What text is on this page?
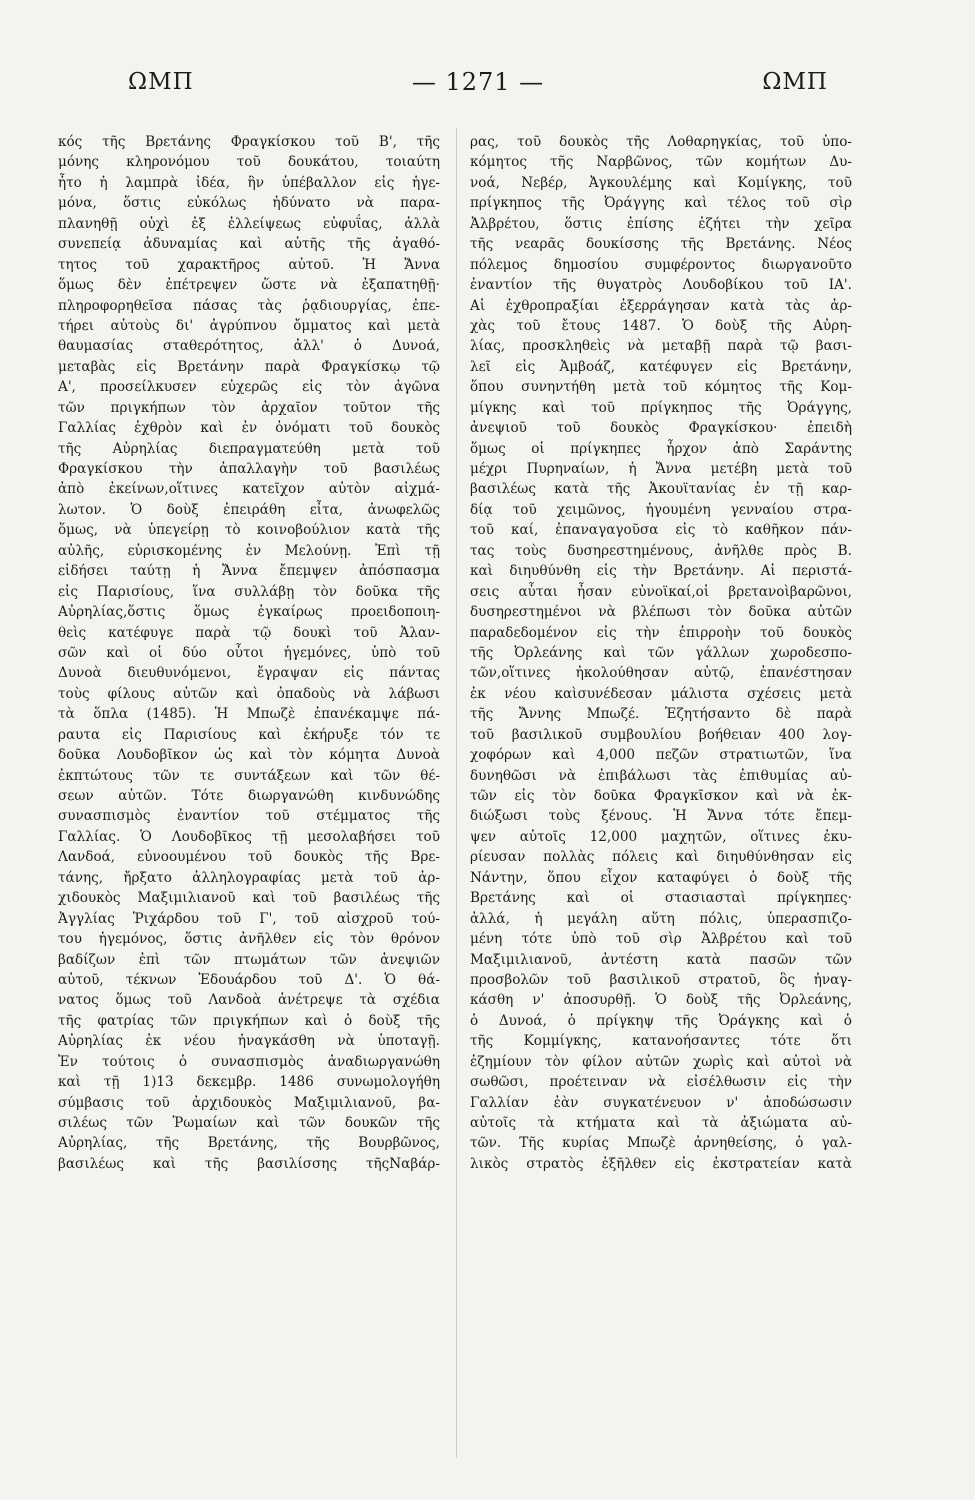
ΩΜΠ	— 1271 —	ΩΜΠ
κός τῆς Βρετάνης Φραγκίσκου τοῦ Β', τῆς
μόνης κληρονόμου τοῦ δουκάτου, τοιαύτη
ἦτο ἡ λαμπρὰ ἰδέα, ἣν ὑπέβαλλον εἰς ἡγε-
μόνα, ὅστις εὐκόλως ἠδύνατο νὰ παρα-
πλανηθῇ οὐχὶ ἐξ ἐλλείψεως εὐφυΐας, ἀλλὰ
συνεπείᾳ ἀδυναμίας καὶ αὐτῆς τῆς ἀγαθό-
τητος τοῦ χαρακτῆρος αὐτοῦ. Ἡ Ἄννα
ὅμως δὲν ἐπέτρεψεν ὥστε νὰ ἐξαπατηθῇ·
πληροφορηθεῖσα πάσας τὰς ῥᾳδιουργίας, ἐπε-
τήρει αὐτοὺς δι' ἀγρύπνου ὄμματος καὶ μετὰ
θαυμασίας σταθερότητος, ἀλλ' ὁ Δυνοά,
μεταβὰς εἰς Βρετάνην παρὰ Φραγκίσκῳ τῷ
Α', προσείλκυσεν εὐχερῶς εἰς τὸν ἀγῶνα
τῶν πριγκήπων τὸν ἀρχαῖον τοῦτον τῆς
Γαλλίας ἐχθρὸν καὶ ἐν ὀνόματι τοῦ δουκὸς
τῆς Αὐρηλίας διεπραγματεύθη μετὰ τοῦ
Φραγκίσκου τὴν ἀπαλλαγὴν τοῦ βασιλέως
ἀπὸ ἐκείνων,οἵτινες κατεῖχον αὐτὸν αἰχμά-
λωτον. Ὁ δοὺξ ἐπειράθη εἶτα, ἀνωφελῶς
ὅμως, νὰ ὑπεγείρῃ τὸ κοινοβούλιον κατὰ τῆς
αὐλῆς, εὑρισκομένης ἐν Μελούνῃ. Ἐπὶ τῇ
εἰδήσει ταύτῃ ἡ Ἄννα ἔπεμψεν ἀπόσπασμα
εἰς Παρισίους, ἵνα συλλάβῃ τὸν δοῦκα τῆς
Αὐρηλίας,ὅστις ὅμως ἐγκαίρως προειδοποιη-
θεὶς κατέφυγε παρὰ τῷ δουκὶ τοῦ Ἀλαν-
σῶν καὶ οἱ δύο οὗτοι ἡγεμόνες, ὑπὸ τοῦ
Δυνοὰ διευθυνόμενοι, ἔγραψαν εἰς πάντας
τοὺς φίλους αὐτῶν καὶ ὀπαδοὺς νὰ λάβωσι
τὰ ὅπλα (1485). Ἡ Μπωζὲ ἐπανέκαμψε πά-
ραυτα εἰς Παρισίους καὶ ἐκήρυξε τόν τε
δοῦκα Λουδοβῖκον ὡς καὶ τὸν κόμητα Δυνοὰ
ἐκπτώτους τῶν τε συντάξεων καὶ τῶν θέ-
σεων αὐτῶν. Τότε διωργανώθη κινδυνώδης
συνασπισμὸς ἐναντίον τοῦ στέμματος τῆς
Γαλλίας. Ὁ Λουδοβῖκος τῇ μεσολαβήσει τοῦ
Λανδοά, εὐνοουμένου τοῦ δουκὸς τῆς Βρε-
τάνης, ἤρξατο ἀλληλογραφίας μετὰ τοῦ ἀρ-
χιδουκὸς Μαξιμιλιανοῦ καὶ τοῦ βασιλέως τῆς
Ἀγγλίας Ῥιχάρδου τοῦ Γ', τοῦ αἰσχροῦ τού-
του ἡγεμόνος, ὅστις ἀνῆλθεν εἰς τὸν θρόνον
βαδίζων ἐπὶ τῶν πτωμάτων τῶν ἀνεψιῶν
αὐτοῦ, τέκνων Ἐδουάρδου τοῦ Δ'. Ὁ θά-
νατος ὅμως τοῦ Λανδοὰ ἀνέτρεψε τὰ σχέδια
τῆς φατρίας τῶν πριγκήπων καὶ ὁ δοὺξ τῆς
Αὐρηλίας ἐκ νέου ἠναγκάσθη νὰ ὑποταγῇ.
Ἐν τούτοις ὁ συνασπισμὸς ἀναδιωργανώθη
καὶ τῇ 1)13 δεκεμβρ. 1486 συνωμολογήθη
σύμβασις τοῦ ἀρχιδουκὸς Μαξιμιλιανοῦ, βα-
σιλέως τῶν Ῥωμαίων καὶ τῶν δουκῶν τῆς
Αὐρηλίας, τῆς Βρετάνης, τῆς Βουρβῶνος,
βασιλέως καὶ τῆς βασιλίσσης τῆςΝαβάρ-
ρας, τοῦ δουκὸς τῆς Λοθαρηγκίας, τοῦ ὑπο-
κόμητος τῆς Ναρβῶνος, τῶν κομήτων Δυ-
νοά, Νεβέρ, Ἀγκουλέμης καὶ Κομίγκης, τοῦ
πρίγκηπος τῆς Ὀράγγης καὶ τέλος τοῦ σὶρ
Ἀλβρέτου, ὅστις ἐπίσης ἐζήτει τὴν χεῖρα
τῆς νεαρᾶς δουκίσσης τῆς Βρετάνης. Νέος
πόλεμος δημοσίου συμφέροντος διωργανοῦτο
ἐναντίον τῆς θυγατρὸς Λουδοβίκου τοῦ ΙΑ'.
Αἱ ἐχθροπραξίαι ἐξερράγησαν κατὰ τὰς ἀρ-
χὰς τοῦ ἔτους 1487. Ὁ δοὺξ τῆς Αὐρη-
λίας, προσκληθεὶς νὰ μεταβῇ παρὰ τῷ βασι-
λεῖ εἰς Ἀμβοάζ, κατέφυγεν εἰς Βρετάνην,
ὅπου συνηντήθη μετὰ τοῦ κόμητος τῆς Κομ-
μίγκης καὶ τοῦ πρίγκηπος τῆς Ὀράγγης,
ἀνεψιοῦ τοῦ δουκὸς Φραγκίσκου· ἐπειδὴ
ὅμως οἱ πρίγκηπες ἦρχον ἀπὸ Σαράντης
μέχρι Πυρηναίων, ἡ Ἄννα μετέβη μετὰ τοῦ
βασιλέως κατὰ τῆς Ἀκουϊτανίας ἐν τῇ καρ-
δίᾳ τοῦ χειμῶνος, ἡγουμένη γενναίου στρα-
τοῦ καί, ἐπαναγαγοῦσα εἰς τὸ καθῆκον πάν-
τας τοὺς δυσηρεστημένους, ἀνῆλθε πρὸς Β.
καὶ διηυθύνθη εἰς τὴν Βρετάνην. Αἱ περιστά-
σεις αὗται ἦσαν εὐνοϊκαί,οἱ βρετανοὶβαρῶνοι,
δυσηρεστημένοι νὰ βλέπωσι τὸν δοῦκα αὐτῶν
παραδεδομένον εἰς τὴν ἐπιρροὴν τοῦ δουκὸς
τῆς Ὀρλεάνης καὶ τῶν γάλλων χωροδεσπο-
τῶν,οἵτινες ἠκολούθησαν αὐτῷ, ἐπανέστησαν
ἐκ νέου καὶσυνέδεσαν μάλιστα σχέσεις μετὰ
τῆς Ἄννης Μπωζέ. Ἐζητήσαντο δὲ παρὰ
τοῦ βασιλικοῦ συμβουλίου βοήθειαν 400 λογ-
χοφόρων καὶ 4,000 πεζῶν στρατιωτῶν, ἵνα
δυνηθῶσι νὰ ἐπιβάλωσι τὰς ἐπιθυμίας αὐ-
τῶν εἰς τὸν δοῦκα Φραγκῖσκον καὶ νὰ ἐκ-
διώξωσι τοὺς ξένους. Ἡ Ἄννα τότε ἔπεμ-
ψεν αὐτοῖς 12,000 μαχητῶν, οἵτινες ἐκυ-
ρίευσαν πολλὰς πόλεις καὶ διηυθύνθησαν εἰς
Νάντην, ὅπου εἶχον καταφύγει ὁ δοὺξ τῆς
Βρετάνης καὶ οἱ στασιασταὶ πρίγκηπες·
ἀλλά, ἡ μεγάλη αὕτη πόλις, ὑπερασπιζο-
μένη τότε ὑπὸ τοῦ σὶρ Ἀλβρέτου καὶ τοῦ
Μαξιμιλιανοῦ, ἀντέστη κατὰ πασῶν τῶν
προσβολῶν τοῦ βασιλικοῦ στρατοῦ, ὃς ἠναγ-
κάσθη ν' ἀποσυρθῇ. Ὁ δοὺξ τῆς Ὀρλεάνης,
ὁ Δυνοά, ὁ πρίγκηψ τῆς Ὀράγκης καὶ ὁ
τῆς Κομμίγκης, κατανοήσαντες τότε ὅτι
ἐζημίουν τὸν φίλον αὐτῶν χωρὶς καὶ αὐτοὶ νὰ
σωθῶσι, προέτειναν νὰ εἰσέλθωσιν εἰς τὴν
Γαλλίαν ἐὰν συγκατένευον ν' ἀποδώσωσιν
αὐτοῖς τὰ κτήματα καὶ τὰ ἀξιώματα αὐ-
τῶν. Τῆς κυρίας Μπωζὲ ἀρνηθείσης, ὁ γαλ-
λικὸς στρατὸς ἐξῆλθεν εἰς ἐκστρατείαν κατὰ
